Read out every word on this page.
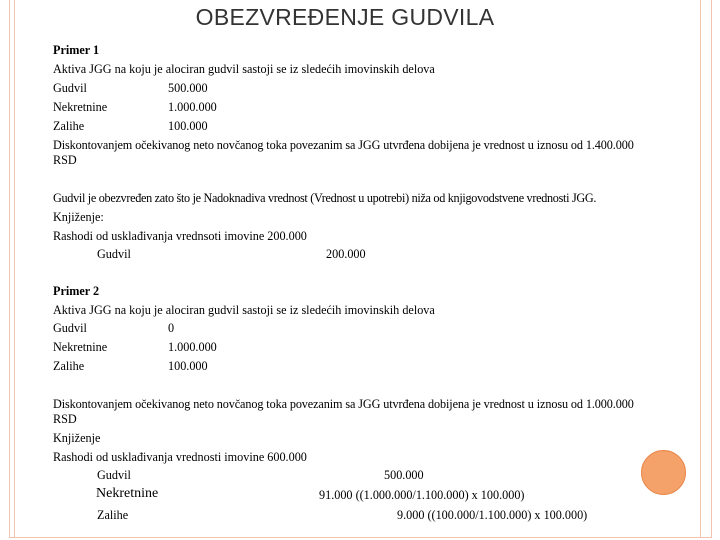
OBEZVREĐENJE GUDVILA
Primer 1
Aktiva JGG na koju je alociran gudvil sastoji se iz sledećih imovinskih delova
Gudvil	500.000
Nekretnine	1.000.000
Zalihe	100.000
Diskontovanjem očekivanog neto novčanog toka povezanim sa JGG utvrđena dobijena je vrednost u iznosu od 1.400.000
RSD
Gudvil je obezvređen zato što je Nadoknadiva vrednost (Vrednost u upotrebi) niža od knjigovodstvene vrednosti JGG.
Knjiženje:
Rashodi od usklađivanja vrednsoti imovine 200.000
Gudvil	200.000
Primer 2
Aktiva JGG na koju je alociran gudvil sastoji se iz sledećih imovinskih delova
Gudvil	0
Nekretnine	1.000.000
Zalihe	100.000
Diskontovanjem očekivanog neto novčanog toka povezanim sa JGG utvrđena dobijena je vrednost u iznosu od 1.000.000
RSD
Knjiženje
Rashodi od usklađivanja vrednosti imovine 600.000
Gudvil	500.000
Nekretnine	91.000 ((1.000.000/1.100.000) x 100.000)
Zalihe	9.000 ((100.000/1.100.000) x 100.000)
